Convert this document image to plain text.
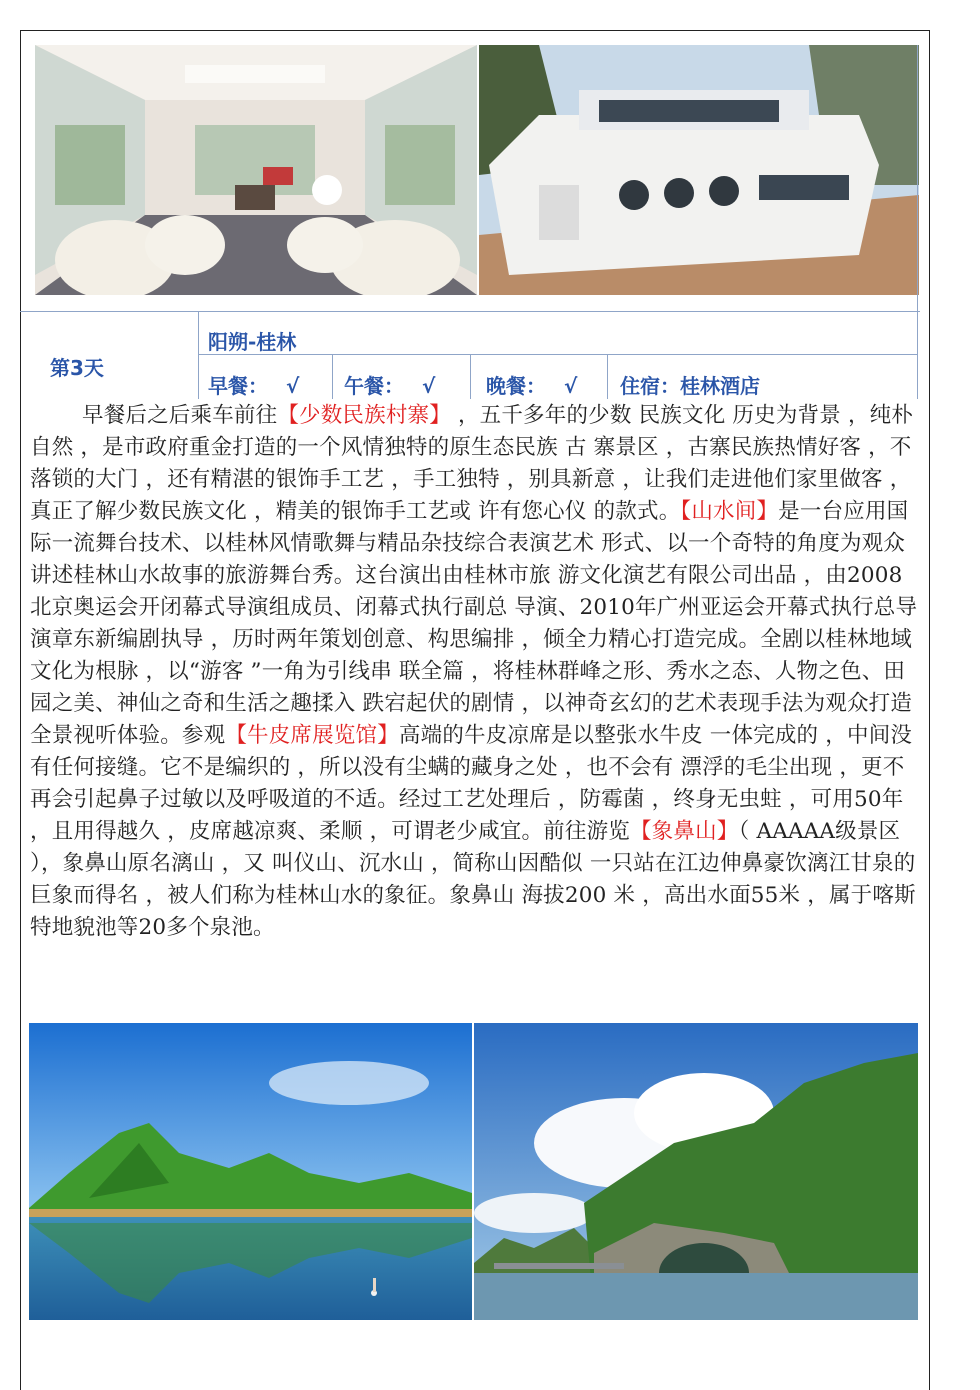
第3天
阳朔-桂林
早餐： √ 午餐： √	晚餐： √ 住宿：桂林酒店
早餐后之后乘车前往【少数民族村寨】 ，五千多年的少数 民族文化 历史为背景 ，纯朴自然 ，是市政府重金打造的一个风情独特的原生态民族 古 寨景区 ，古寨民族热情好客 ，不落锁的大门 ，还有精湛的银饰手工艺 ，手工独特 ，别具新意 ，让我们走进他们家里做客 ，真正了解少数民族文化 ，精美的银饰手工艺或 许有您心仪 的款式。【山水间】是一台应用国际一流舞台技术、以桂林风情歌舞与精品杂技综合表演艺术 形式、以一个奇特的角度为观众讲述桂林山水故事的旅游舞台秀。这台演出由桂林市旅 游文化演艺有限公司出品 ，由2008北京奥运会开闭幕式导演组成员、闭幕式执行副总 导演、2010年广州亚运会开幕式执行总导演章东新编剧执导 ，历时两年策划创意、构思编排 ，倾全力精心打造完成。全剧以桂林地域文化为根脉 ，以“游客 ”一角为引线串 联全篇 ，将桂林群峰之形、秀水之态、人物之色、田园之美、神仙之奇和生活之趣揉入 跌宕起伏的剧情 ，以神奇玄幻的艺术表现手法为观众打造全景视听体验。参观【牛皮席展览馆】高端的牛皮凉席是以整张水牛皮 一体完成的 ，中间没有任何接缝。它不是编织的 ，所以没有尘螨的藏身之处 ，也不会有 漂浮的毛尘出现 ，更不再会引起鼻子过敏以及呼吸道的不适。经过工艺处理后 ，防霉菌 ，终身无虫蛀 ，可用50年 ，且用得越久 ，皮席越凉爽、柔顺 ，可谓老少咸宜。前往游览【象鼻山】（ AAAAA级景区 ），象鼻山原名漓山 ，又 叫仪山、沉水山 ，简称山因酷似 一只站在江边伸鼻豪饮漓江甘泉的巨象而得名 ，被人们称为桂林山水的象征。象鼻山 海拔200 米 ，高出水面55米 ，属于喀斯特地貌池等20多个泉池。
